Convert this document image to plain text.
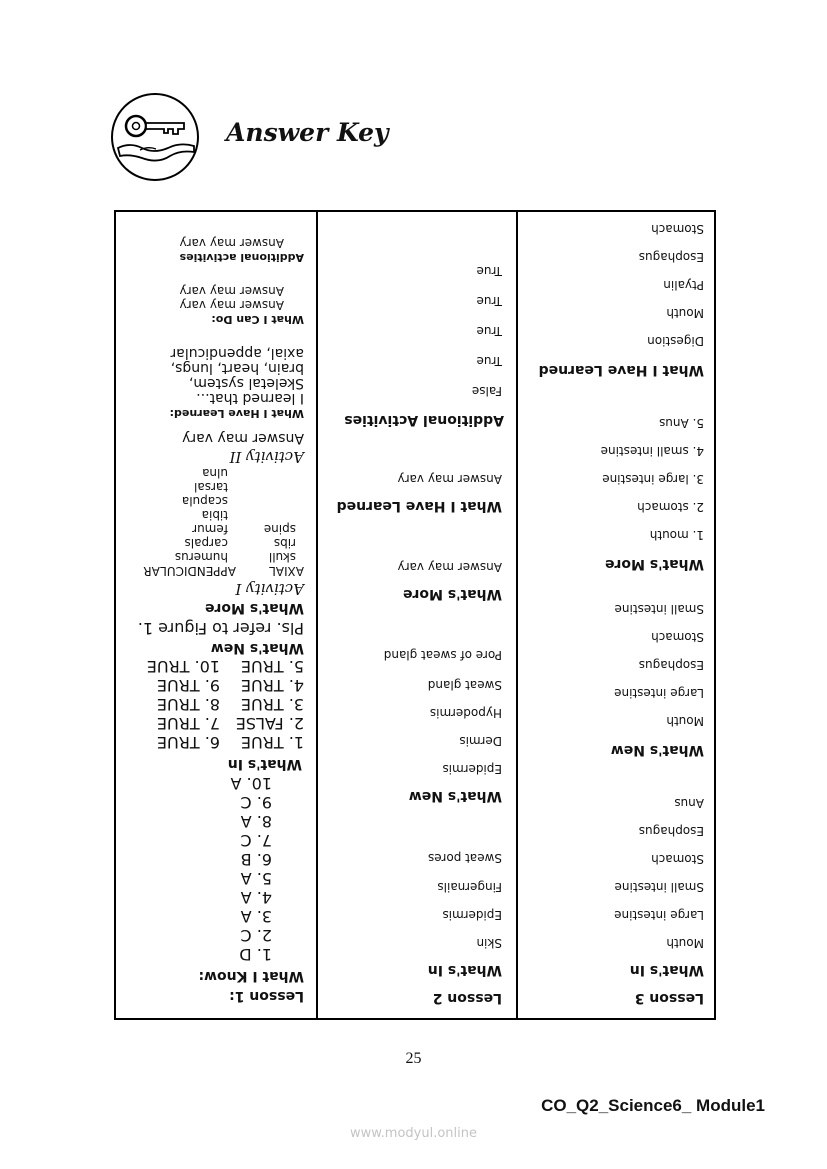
Answer Key
Lesson 1:
What I Know:
1. D
2. C
3. A
4. A
5. A
6. B
7. C
8. A
9. C
10. A
What's In
1. TRUE
2. FALSE
3. TRUE
4. TRUE
5. TRUE
6. TRUE
7. TRUE
8. TRUE
9. TRUE
10. TRUE
What's New
Pls. refer to Figure 1.
What's More
Activity I
AXIAL
APPENDICULAR
skull
ribs
spine
humerus
carpals
femur
tibia
scapula
tarsal
ulna
Activity II
Answer may vary
What I Have Learned:
I learned that...
Skeletal system,
brain, heart, lungs,
axial, appendicular
What I Can Do:
Answer may vary
Answer may vary
Additional activities
Answer may vary
Lesson 2
What's In
Skin
Epidermis
Fingernails
Sweat pores
What's New
Epidermis
Dermis
Hypodermis
Sweat gland
Pore of sweat gland
What's More
Answer may vary
What I Have Learned
Answer may vary
Additional Activities
False
True
True
True
True
Lesson 3
What's In
Mouth
Large intestine
Small intestine
Stomach
Esophagus
Anus
What's New
Mouth
Large intestine
Esophagus
Stomach
Small intestine
What's More
1. mouth
2. stomach
3. large intestine
4. small intestine
5. Anus
What I Have Learned
Digestion
Mouth
Ptyalin
Esophagus
Stomach
25
CO_Q2_Science6_ Module1
www.modyul.online
